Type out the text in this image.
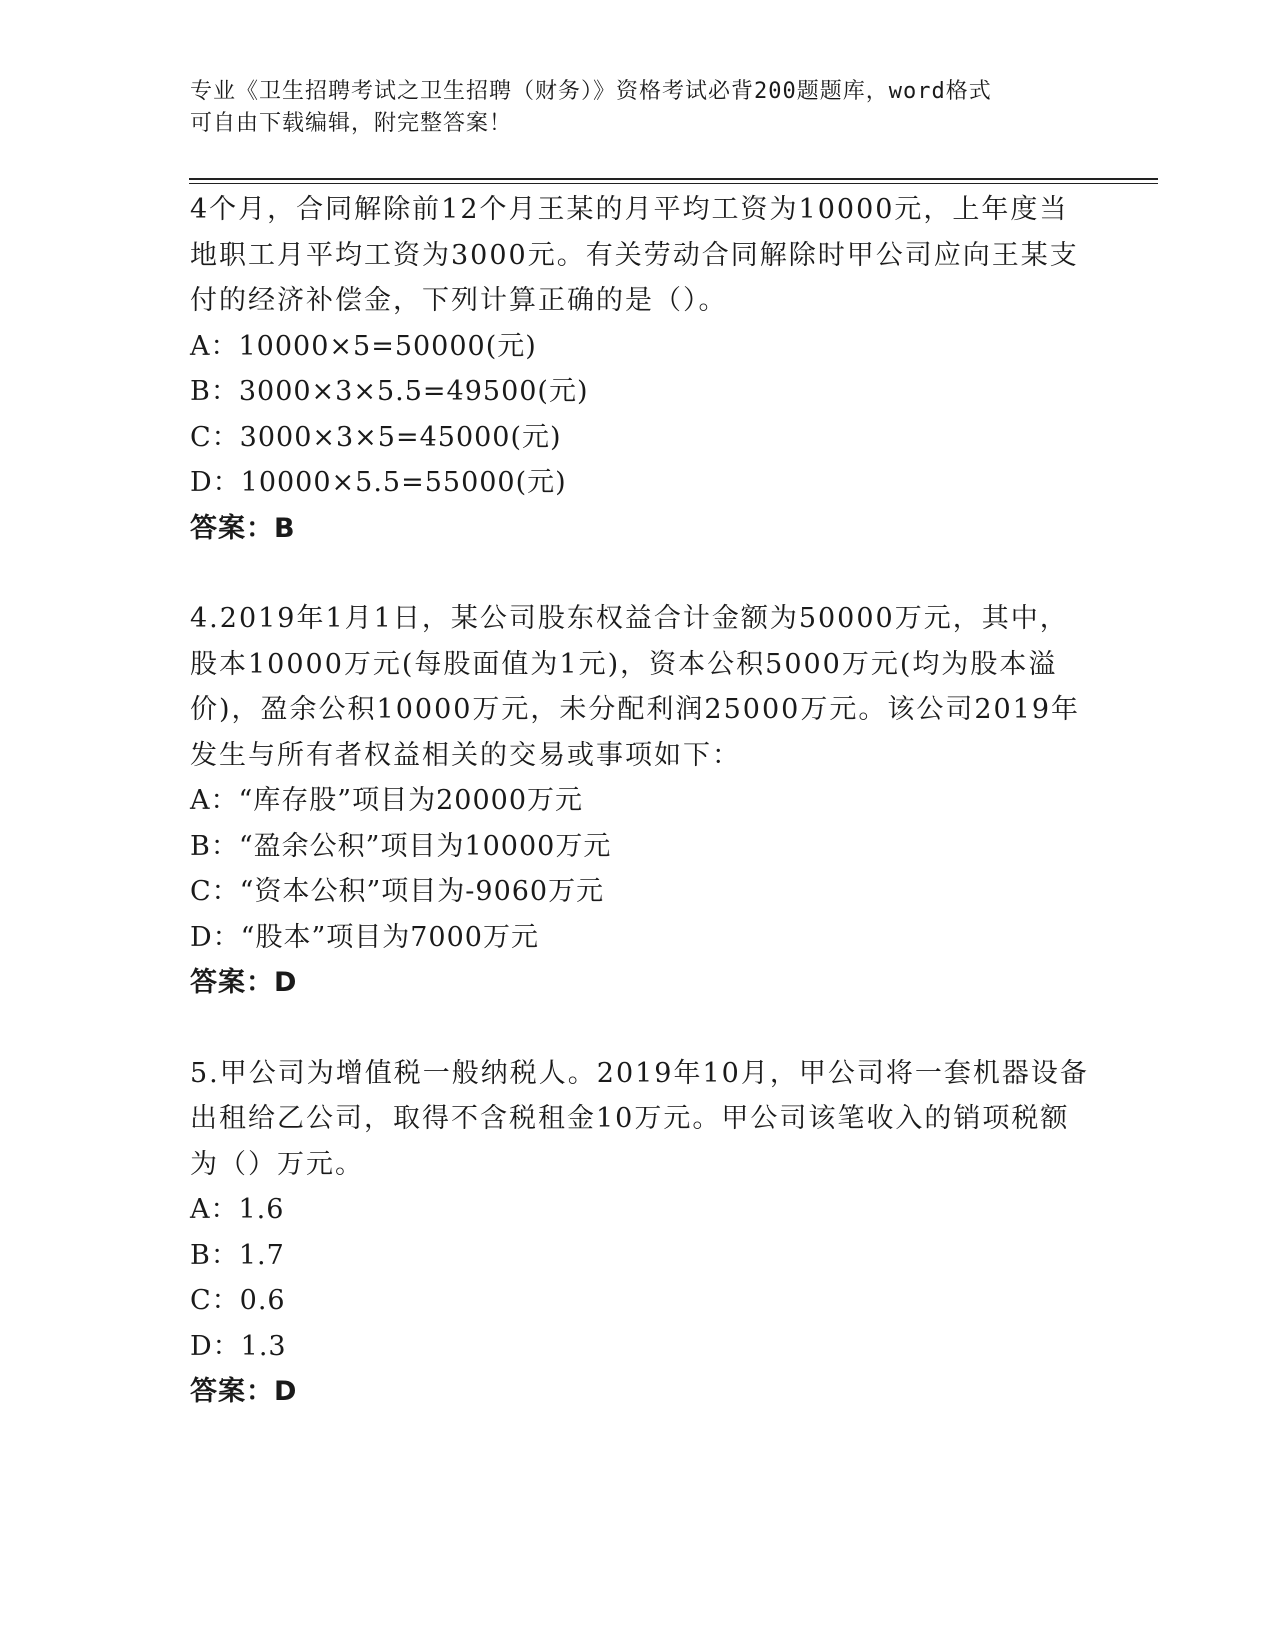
专业《卫生招聘考试之卫生招聘（财务）》资格考试必背200题题库，word格式
可自由下载编辑，附完整答案！
4个月，合同解除前12个月王某的月平均工资为10000元，上年度当
地职工月平均工资为3000元。有关劳动合同解除时甲公司应向王某支
付的经济补偿金，下列计算正确的是（）。
A：10000×5=50000(元)
B：3000×3×5.5=49500(元)
C：3000×3×5=45000(元)
D：10000×5.5=55000(元)
答案：B
4.2019年1月1日，某公司股东权益合计金额为50000万元，其中，
股本10000万元(每股面值为1元)，资本公积5000万元(均为股本溢
价)，盈余公积10000万元，未分配利润25000万元。该公司2019年
发生与所有者权益相关的交易或事项如下：
A：“库存股”项目为20000万元
B：“盈余公积”项目为10000万元
C：“资本公积”项目为-9060万元
D：“股本”项目为7000万元
答案：D
5.甲公司为增值税一般纳税人。2019年10月，甲公司将一套机器设备
出租给乙公司，取得不含税租金10万元。甲公司该笔收入的销项税额
为（）万元。
A：1.6
B：1.7
C：0.6
D：1.3
答案：D
